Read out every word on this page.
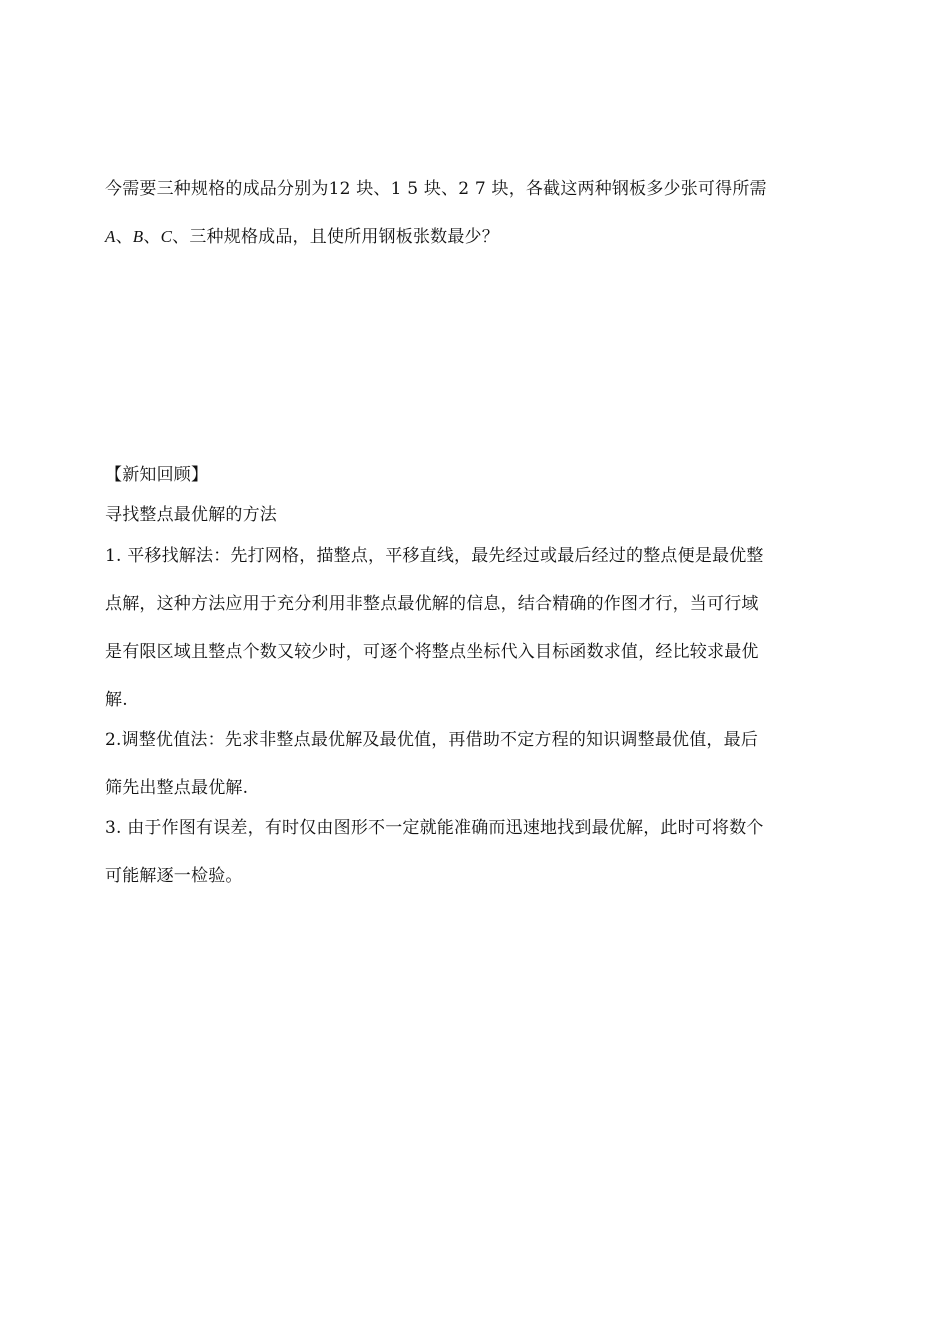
今需要三种规格的成品分别为12 块、1 5 块、2 7 块，各截这两种钢板多少张可得所需
A、B、C、三种规格成品，且使所用钢板张数最少？
【新知回顾】
寻找整点最优解的方法
1. 平移找解法：先打网格，描整点，平移直线，最先经过或最后经过的整点便是最优整
点解，这种方法应用于充分利用非整点最优解的信息，结合精确的作图才行，当可行域
是有限区域且整点个数又较少时，可逐个将整点坐标代入目标函数求值，经比较求最优
解.
2.调整优值法：先求非整点最优解及最优值，再借助不定方程的知识调整最优值，最后
筛先出整点最优解.
3. 由于作图有误差，有时仅由图形不一定就能准确而迅速地找到最优解，此时可将数个
可能解逐一检验。
